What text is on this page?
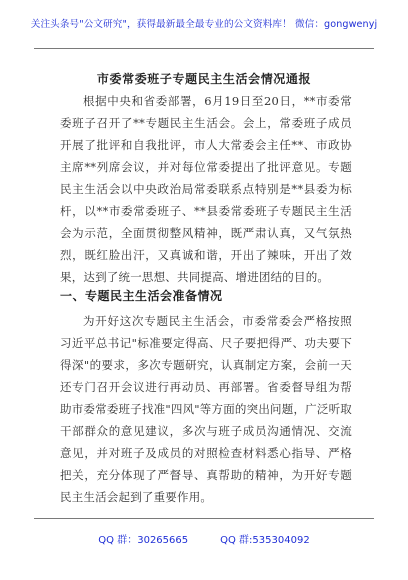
关注头条号"公文研究"，获得最新最全最专业的公文资料库！ 微信：gongwenyj
市委常委班子专题民主生活会情况通报

根据中央和省委部署，6月19日至20日，**市委常委班子召开了**专题民主生活会。会上，常委班子成员开展了批评和自我批评，市人大常委会主任**、市政协主席**列席会议，并对每位常委提出了批评意见。专题民主生活会以中央政治局常委联系点特别是**县委为标杆，以**市委常委班子、**县委常委班子专题民主生活会为示范，全面贯彻整风精神，既严肃认真，又气氛热烈，既红脸出汗，又真诚和谐，开出了辣味，开出了效果，达到了统一思想、共同提高、增进团结的目的。

一、专题民主生活会准备情况

为开好这次专题民主生活会，市委常委会严格按照习近平总书记"标准要定得高、尺子要把得严、功夫要下得深"的要求，多次专题研究，认真制定方案，会前一天还专门召开会议进行再动员、再部署。省委督导组为帮助市委常委班子找准"四风"等方面的突出问题，广泛听取干部群众的意见建议，多次与班子成员沟通情况、交流意见，并对班子及成员的对照检查材料悉心指导、严格把关，充分体现了严督导、真帮助的精神，为开好专题民主生活会起到了重要作用。

QQ 群：30265665	QQ 群:535304092
